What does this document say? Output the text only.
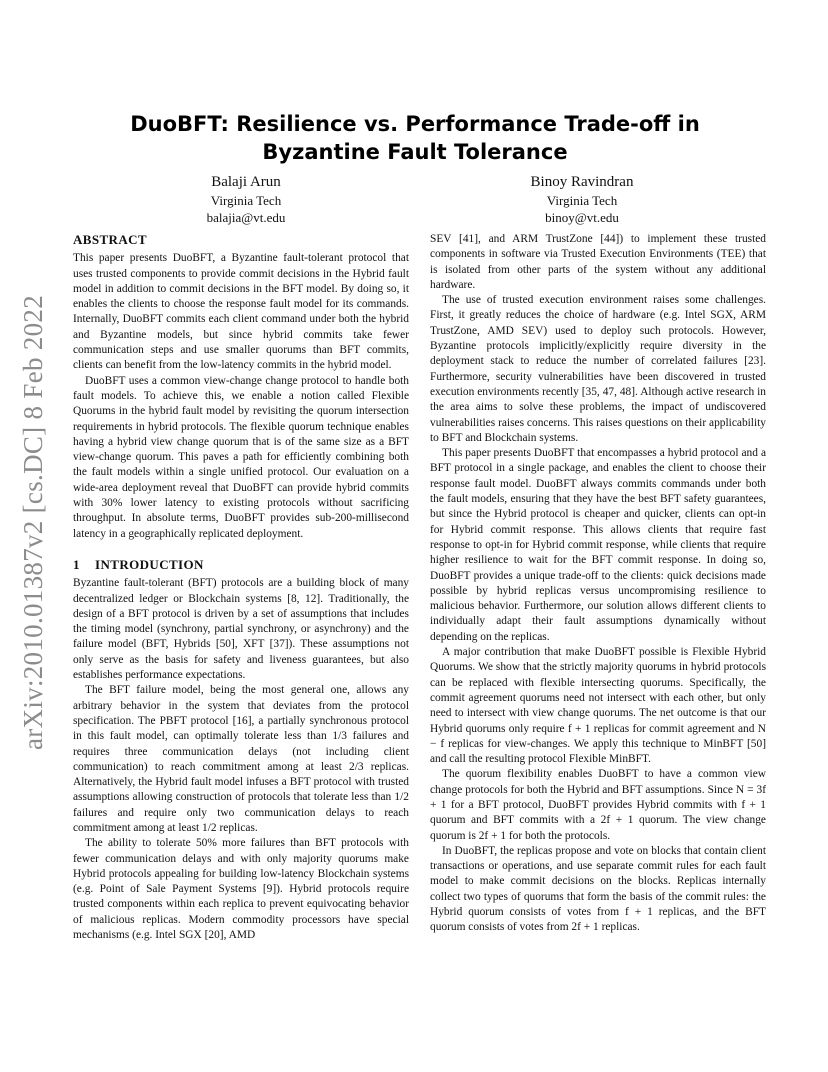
arXiv:2010.01387v2 [cs.DC] 8 Feb 2022
DuoBFT: Resilience vs. Performance Trade-off in Byzantine Fault Tolerance
Balaji Arun
Virginia Tech
balajia@vt.edu
Binoy Ravindran
Virginia Tech
binoy@vt.edu
ABSTRACT

This paper presents DuoBFT, a Byzantine fault-tolerant protocol that uses trusted components to provide commit decisions in the Hybrid fault model in addition to commit decisions in the BFT model. By doing so, it enables the clients to choose the response fault model for its commands. Internally, DuoBFT commits each client command under both the hybrid and Byzantine models, but since hybrid commits take fewer communication steps and use smaller quorums than BFT commits, clients can benefit from the low-latency commits in the hybrid model.

DuoBFT uses a common view-change change protocol to handle both fault models. To achieve this, we enable a notion called Flexible Quorums in the hybrid fault model by revisiting the quorum intersection requirements in hybrid protocols. The flexible quorum technique enables having a hybrid view change quorum that is of the same size as a BFT view-change quorum. This paves a path for efficiently combining both the fault models within a single unified protocol. Our evaluation on a wide-area deployment reveal that DuoBFT can provide hybrid commits with 30% lower latency to existing protocols without sacrificing throughput. In absolute terms, DuoBFT provides sub-200-millisecond latency in a geographically replicated deployment.

1 INTRODUCTION

Byzantine fault-tolerant (BFT) protocols are a building block of many decentralized ledger or Blockchain systems [8, 12]. Traditionally, the design of a BFT protocol is driven by a set of assumptions that includes the timing model (synchrony, partial synchrony, or asynchrony) and the failure model (BFT, Hybrids [50], XFT [37]). These assumptions not only serve as the basis for safety and liveness guarantees, but also establishes performance expectations.

The BFT failure model, being the most general one, allows any arbitrary behavior in the system that deviates from the protocol specification. The PBFT protocol [16], a partially synchronous protocol in this fault model, can optimally tolerate less than 1/3 failures and requires three communication delays (not including client communication) to reach commitment among at least 2/3 replicas. Alternatively, the Hybrid fault model infuses a BFT protocol with trusted assumptions allowing construction of protocols that tolerate less than 1/2 failures and require only two communication delays to reach commitment among at least 1/2 replicas.

The ability to tolerate 50% more failures than BFT protocols with fewer communication delays and with only majority quorums make Hybrid protocols appealing for building low-latency Blockchain systems (e.g. Point of Sale Payment Systems [9]). Hybrid protocols require trusted components within each replica to prevent equivocating behavior of malicious replicas. Modern commodity processors have special mechanisms (e.g. Intel SGX [20], AMD

SEV [41], and ARM TrustZone [44]) to implement these trusted components in software via Trusted Execution Environments (TEE) that is isolated from other parts of the system without any additional hardware.

The use of trusted execution environment raises some challenges. First, it greatly reduces the choice of hardware (e.g. Intel SGX, ARM TrustZone, AMD SEV) used to deploy such protocols. However, Byzantine protocols implicitly/explicitly require diversity in the deployment stack to reduce the number of correlated failures [23]. Furthermore, security vulnerabilities have been discovered in trusted execution environments recently [35, 47, 48]. Although active research in the area aims to solve these problems, the impact of undiscovered vulnerabilities raises concerns. This raises questions on their applicability to BFT and Blockchain systems.

This paper presents DuoBFT that encompasses a hybrid protocol and a BFT protocol in a single package, and enables the client to choose their response fault model. DuoBFT always commits commands under both the fault models, ensuring that they have the best BFT safety guarantees, but since the Hybrid protocol is cheaper and quicker, clients can opt-in for Hybrid commit response. This allows clients that require fast response to opt-in for Hybrid commit response, while clients that require higher resilience to wait for the BFT commit response. In doing so, DuoBFT provides a unique trade-off to the clients: quick decisions made possible by hybrid replicas versus uncompromising resilience to malicious behavior. Furthermore, our solution allows different clients to individually adapt their fault assumptions dynamically without depending on the replicas.

A major contribution that make DuoBFT possible is Flexible Hybrid Quorums. We show that the strictly majority quorums in hybrid protocols can be replaced with flexible intersecting quorums. Specifically, the commit agreement quorums need not intersect with each other, but only need to intersect with view change quorums. The net outcome is that our Hybrid quorums only require f + 1 replicas for commit agreement and N − f replicas for view-changes. We apply this technique to MinBFT [50] and call the resulting protocol Flexible MinBFT.

The quorum flexibility enables DuoBFT to have a common view change protocols for both the Hybrid and BFT assumptions. Since N = 3f + 1 for a BFT protocol, DuoBFT provides Hybrid commits with f + 1 quorum and BFT commits with a 2f + 1 quorum. The view change quorum is 2f + 1 for both the protocols.

In DuoBFT, the replicas propose and vote on blocks that contain client transactions or operations, and use separate commit rules for each fault model to make commit decisions on the blocks. Replicas internally collect two types of quorums that form the basis of the commit rules: the Hybrid quorum consists of votes from f + 1 replicas, and the BFT quorum consists of votes from 2f + 1 replicas.
